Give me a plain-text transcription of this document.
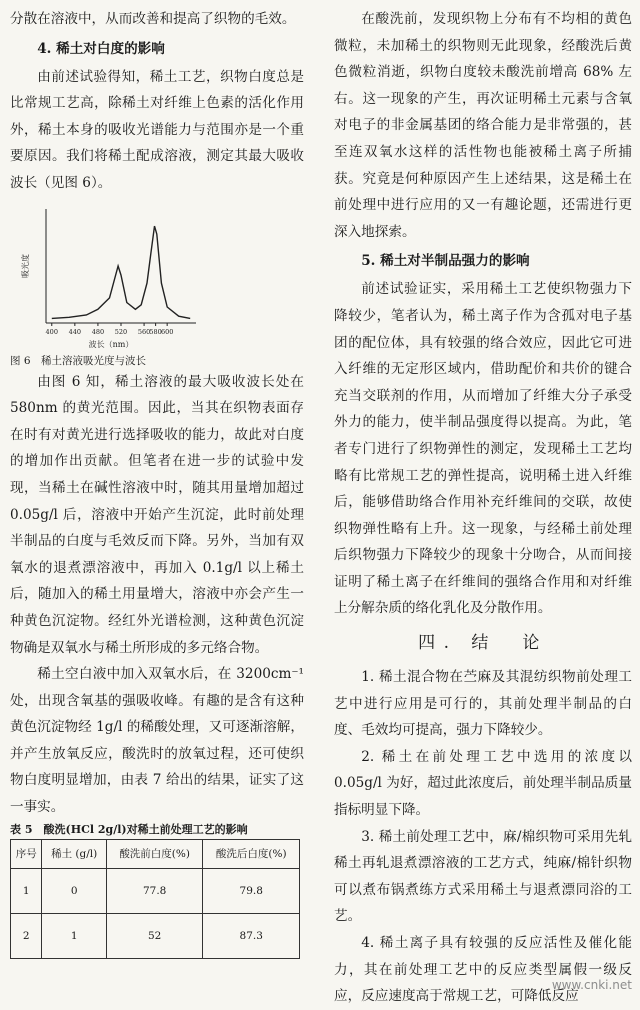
分散在溶液中，从而改善和提高了织物的毛效。

4. 稀土对白度的影响

由前述试验得知，稀土工艺，织物白度总是比常规工艺高，除稀土对纤维上色素的活化作用外，稀土本身的吸收光谱能力与范围亦是一个重要原因。我们将稀土配成溶液，测定其最大吸收波长（见图 6）。

400 440 480 520 560 580 600
吸光度
波长（nm）

图 6　稀土溶液吸光度与波长

由图 6 知，稀土溶液的最大吸收波长处在 580nm 的黄光范围。因此，当其在织物表面存在时有对黄光进行选择吸收的能力，故此对白度的增加作出贡献。但笔者在进一步的试验中发现，当稀土在碱性溶液中时，随其用量增加超过 0.05g/l 后，溶液中开始产生沉淀，此时前处理半制品的白度与毛效反而下降。另外，当加有双氧水的退煮漂溶液中，再加入 0.1g/l 以上稀土后，随加入的稀土用量增大，溶液中亦会产生一种黄色沉淀物。经红外光谱检测，这种黄色沉淀物确是双氧水与稀土所形成的多元络合物。

稀土空白液中加入双氧水后，在 3200cm⁻¹ 处，出现含氧基的强吸收峰。有趣的是含有这种黄色沉淀物经 1g/l 的稀酸处理，又可逐渐溶解，并产生放氧反应，酸洗时的放氧过程，还可使织物白度明显增加，由表 7 给出的结果，证实了这一事实。

表 5　酸洗(HCl 2g/l)对稀土前处理工艺的影响

序号	稀土 (g/l)	酸洗前白度(%)	酸洗后白度(%)
1	0	77.8	79.8
2	1	52	87.3

在酸洗前，发现织物上分布有不均相的黄色微粒，未加稀土的织物则无此现象，经酸洗后黄色微粒消逝，织物白度较未酸洗前增高 68% 左右。这一现象的产生，再次证明稀土元素与含氧对电子的非金属基团的络合能力是非常强的，甚至连双氧水这样的活性物也能被稀土离子所捕获。究竟是何种原因产生上述结果，这是稀土在前处理中进行应用的又一有趣论题，还需进行更深入地探索。

5. 稀土对半制品强力的影响

前述试验证实，采用稀土工艺使织物强力下降较少，笔者认为，稀土离子作为含孤对电子基团的配位体，具有较强的络合效应，因此它可进入纤维的无定形区域内，借助配价和共价的键合充当交联剂的作用，从而增加了纤维大分子承受外力的能力，使半制品强度得以提高。为此，笔者专门进行了织物弹性的测定，发现稀土工艺均略有比常规工艺的弹性提高，说明稀土进入纤维后，能够借助络合作用补充纤维间的交联，故使织物弹性略有上升。这一现象，与经稀土前处理后织物强力下降较少的现象十分吻合，从而间接证明了稀土离子在纤维间的强络合作用和对纤维上分解杂质的络化乳化及分散作用。

四. 结　论

1. 稀土混合物在苎麻及其混纺织物前处理工艺中进行应用是可行的，其前处理半制品的白度、毛效均可提高，强力下降较少。

2. 稀土在前处理工艺中选用的浓度以 0.05g/l 为好，超过此浓度后，前处理半制品质量指标明显下降。

3. 稀土前处理工艺中，麻/棉织物可采用先轧稀土再轧退煮漂溶液的工艺方式，纯麻/棉针织物可以煮布锅煮练方式采用稀土与退煮漂同浴的工艺。

4. 稀土离子具有较强的反应活性及催化能力，其在前处理工艺中的反应类型属假一级反应，反应速度高于常规工艺，可降低反应

www.cnki.net
